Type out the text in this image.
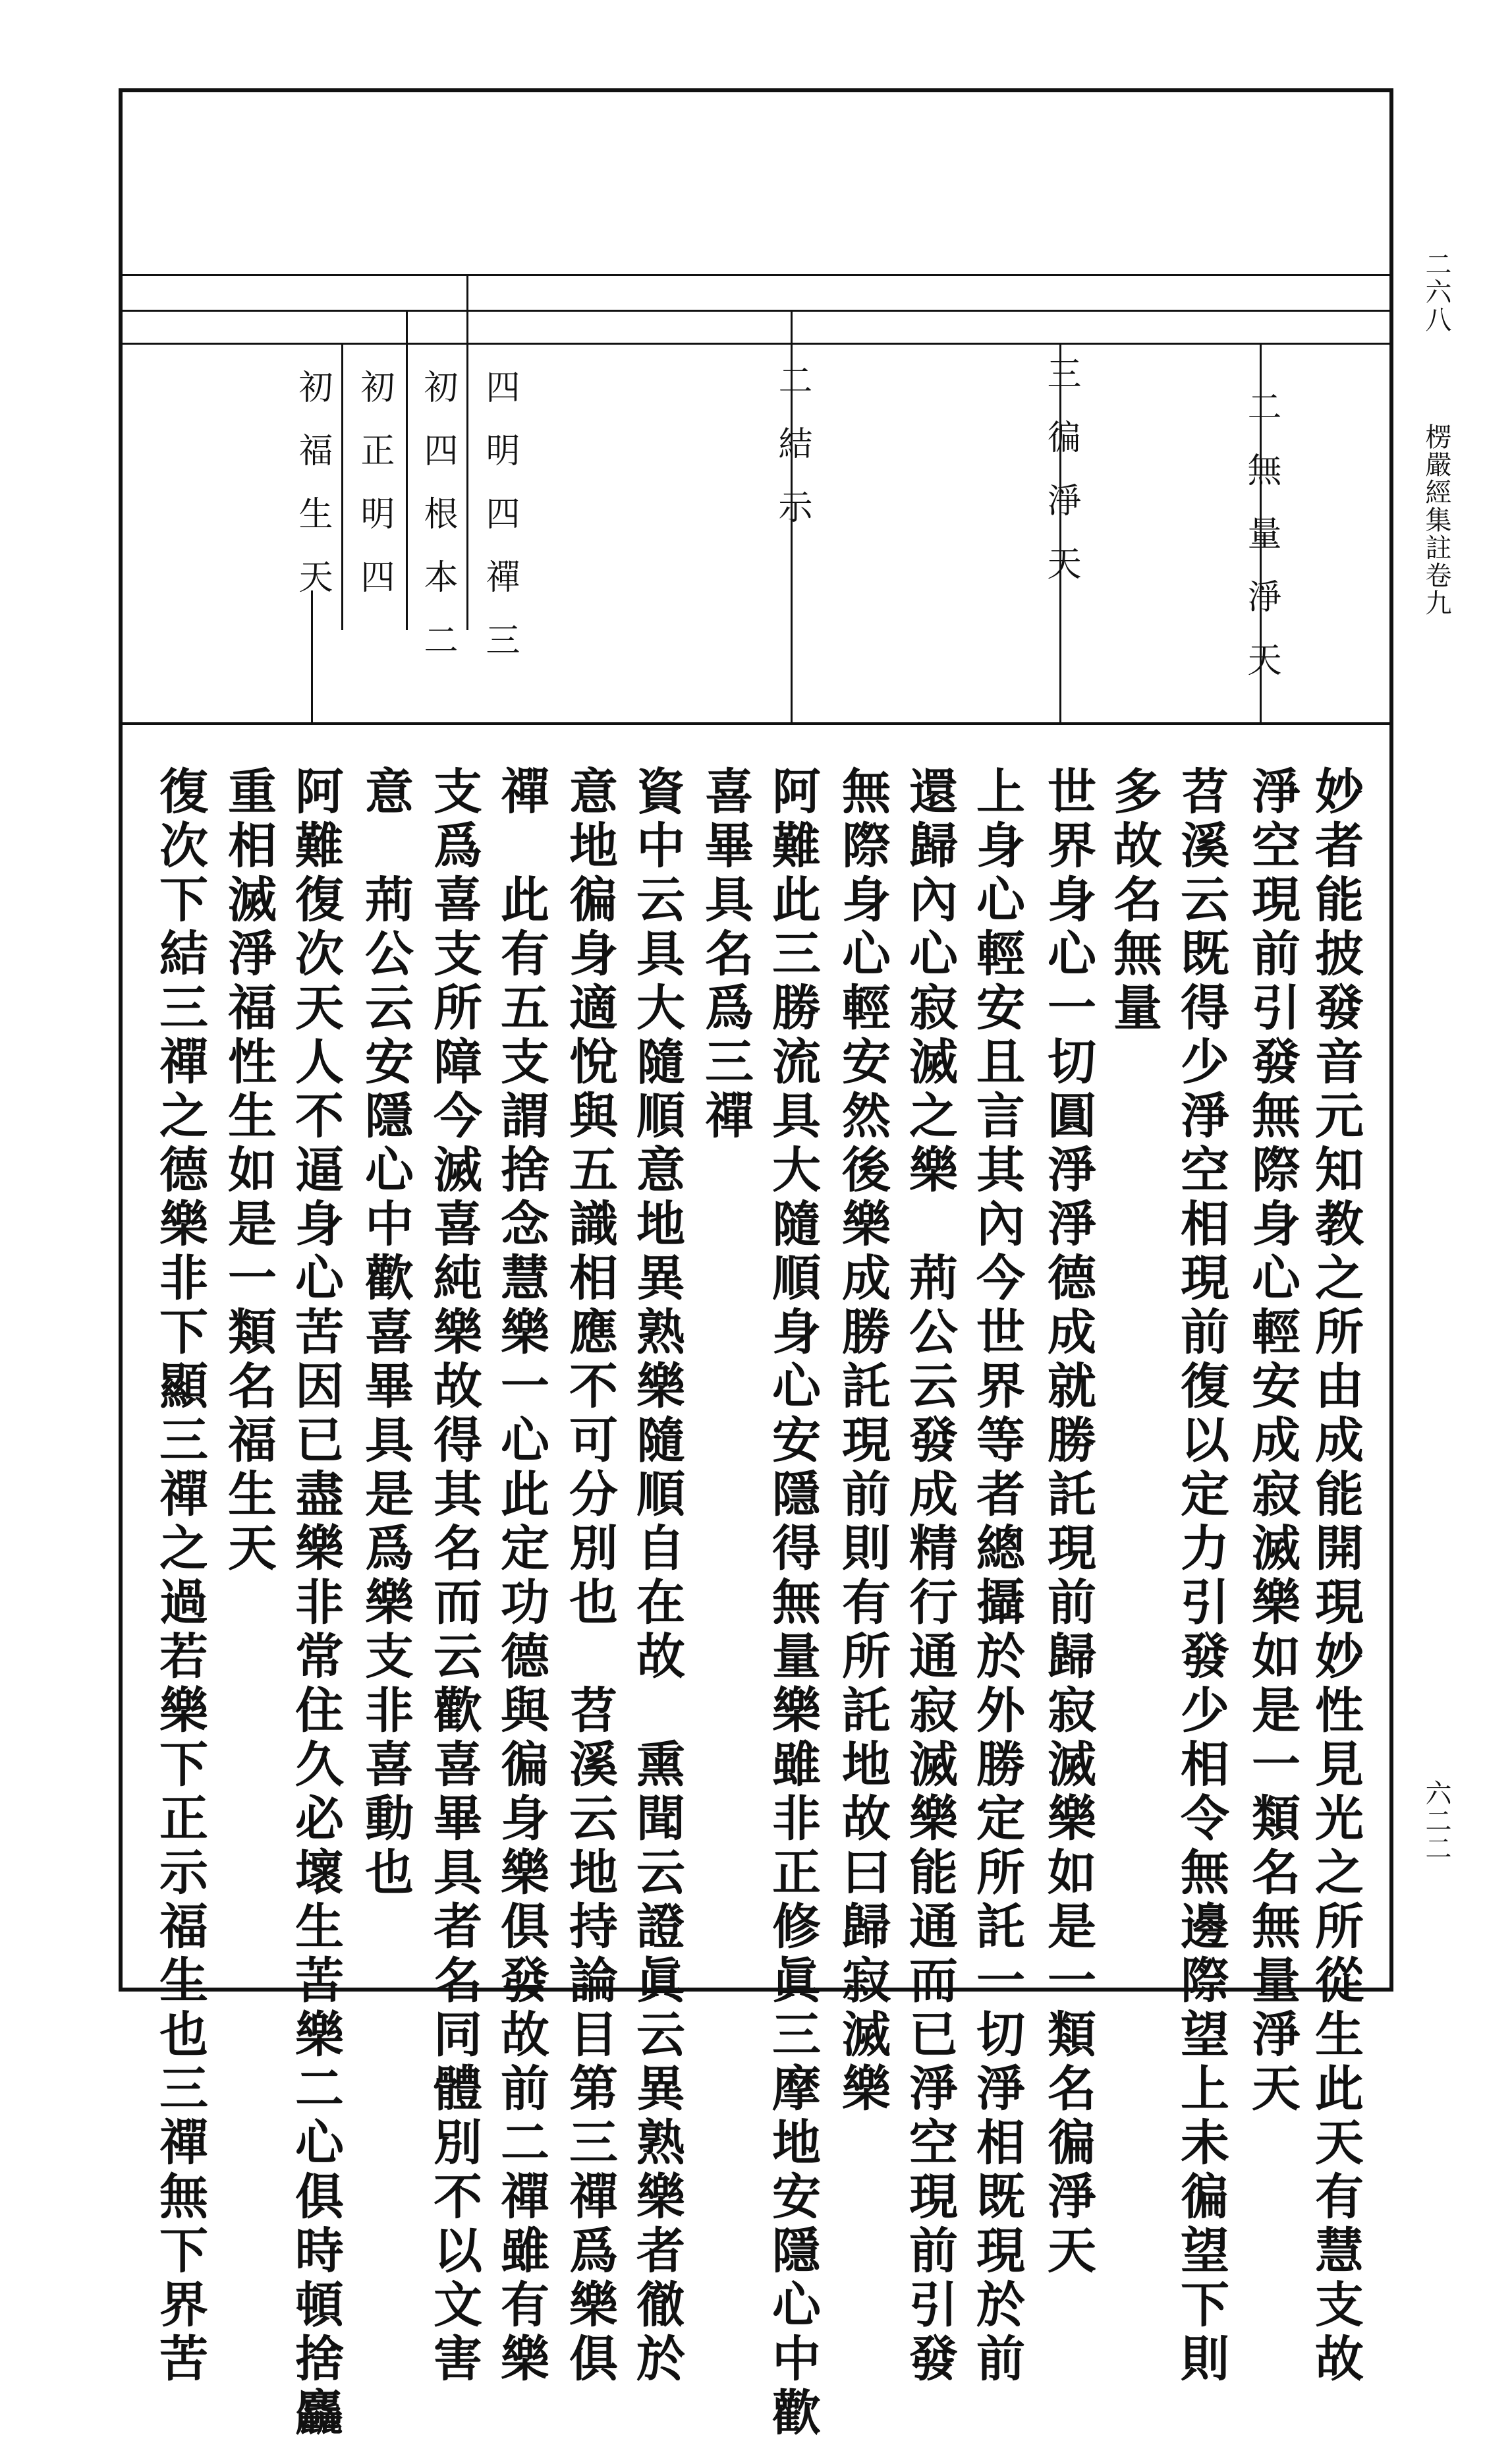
二六八  楞嚴經集註卷九
六二二
二無量淨天
三徧淨天
二結示
四明四禪三
初四根本二
初正明四
初福生天
妙者能披發音元知教之所由成能開現妙性見光之所從生此天有慧支故
淨空現前引發無際身心輕安成寂滅樂如是一類名無量淨天
苕溪云既得少淨空相現前復以定力引發少相令無邊際望上未徧望下則
多故名無量
世界身心一切圓淨淨德成就勝託現前歸寂滅樂如是一類名徧淨天
上身心輕安且言其內今世界等者總攝於外勝定所託一切淨相既現於前
還歸內心寂滅之樂　荊公云發成精行通寂滅樂能通而已淨空現前引發
無際身心輕安然後樂成勝託現前則有所託地故曰歸寂滅樂
阿難此三勝流具大隨順身心安隱得無量樂雖非正修眞三摩地安隱心中歡
喜畢具名爲三禪
資中云具大隨順意地異熟樂隨順自在故　熏聞云證眞云異熟樂者徹於
意地徧身適悅與五識相應不可分別也　苕溪云地持論目第三禪爲樂俱
禪　此有五支謂捨念慧樂一心此定功德與徧身樂俱發故前二禪雖有樂
支爲喜支所障今滅喜純樂故得其名而云歡喜畢具者名同體別不以文害
意　荊公云安隱心中歡喜畢具是爲樂支非喜動也
阿難復次天人不逼身心苦因已盡樂非常住久必壞生苦樂二心俱時頓捨麤
重相滅淨福性生如是一類名福生天
復次下結三禪之德樂非下顯三禪之過若樂下正示福生也三禪無下界苦
